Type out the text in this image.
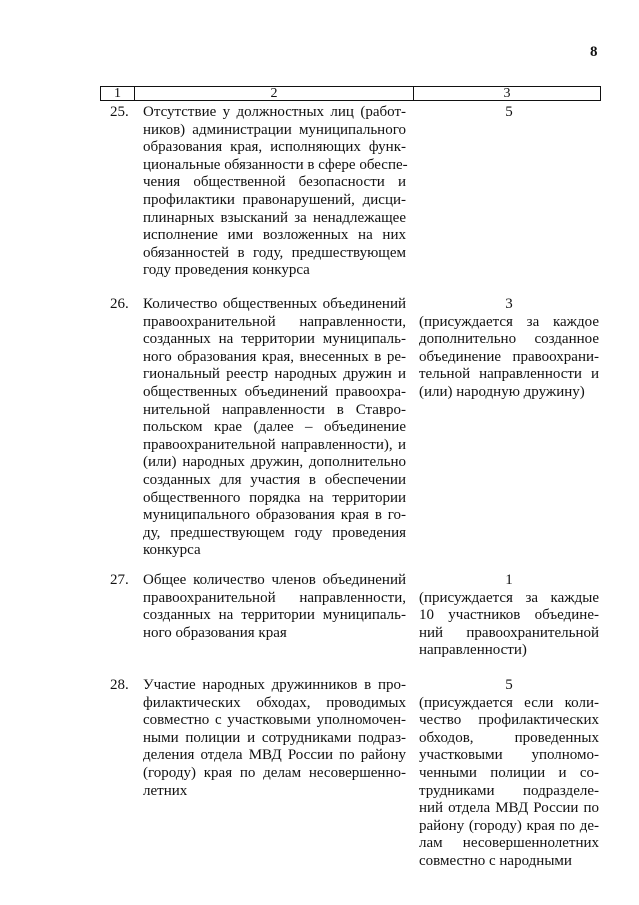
8
1	2	3
25. Отсутствие у должностных лиц (работ-
ников) администрации муниципального
образования края, исполняющих функ-
циональные обязанности в сфере обеспе-
чения общественной безопасности и
профилактики правонарушений, дисци-
плинарных взысканий за ненадлежащее
исполнение ими возложенных на них
обязанностей в году, предшествующем
году проведения конкурса
5
26. Количество общественных объединений
правоохранительной направленности,
созданных на территории муниципаль-
ного образования края, внесенных в ре-
гиональный реестр народных дружин и
общественных объединений правоохра-
нительной направленности в Ставро-
польском крае (далее – объединение
правоохранительной направленности), и
(или) народных дружин, дополнительно
созданных для участия в обеспечении
общественного порядка на территории
муниципального образования края в го-
ду, предшествующем году проведения
конкурса
3
(присуждается за каждое
дополнительно созданное
объединение правоохрани-
тельной направленности и
(или) народную дружину)
27. Общее количество членов объединений
правоохранительной направленности,
созданных на территории муниципаль-
ного образования края
1
(присуждается за каждые
10 участников объедине-
ний правоохранительной
направленности)
28. Участие народных дружинников в про-
филактических обходах, проводимых
совместно с участковыми уполномочен-
ными полиции и сотрудниками подраз-
деления отдела МВД России по району
(городу) края по делам несовершенно-
летних
5
(присуждается если коли-
чество профилактических
обходов, проведенных
участковыми уполномо-
ченными полиции и со-
трудниками подразделе-
ний отдела МВД России по
району (городу) края по де-
лам несовершеннолетних
совместно с народными
